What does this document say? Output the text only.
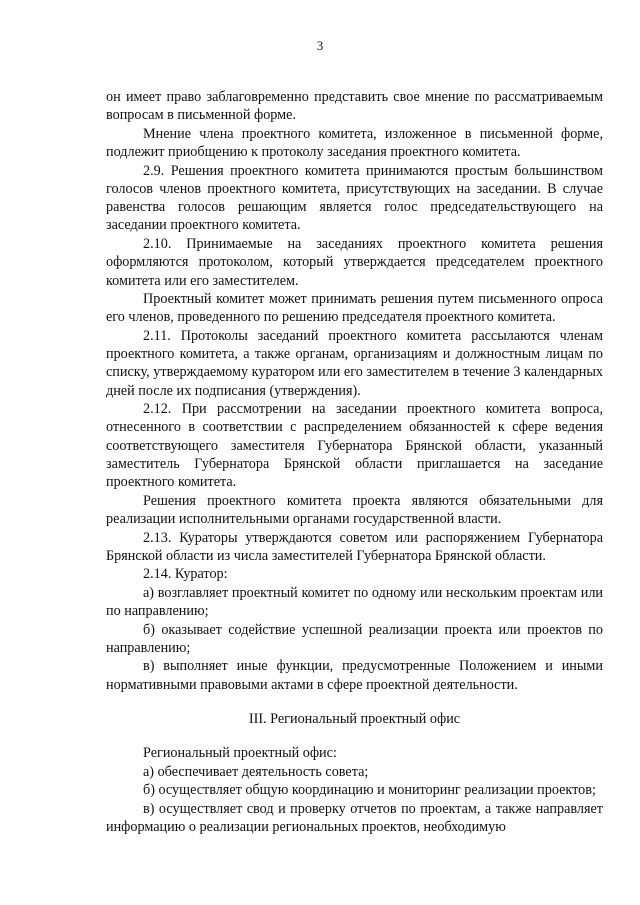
3

он имеет право заблаговременно представить свое мнение по рассматриваемым вопросам в письменной форме.

Мнение члена проектного комитета, изложенное в письменной форме, подлежит приобщению к протоколу заседания проектного комитета.

2.9. Решения проектного комитета принимаются простым большинством голосов членов проектного комитета, присутствующих на заседании. В случае равенства голосов решающим является голос председательствующего на заседании проектного комитета.

2.10. Принимаемые на заседаниях проектного комитета решения оформляются протоколом, который утверждается председателем проектного комитета или его заместителем.

Проектный комитет может принимать решения путем письменного опроса его членов, проведенного по решению председателя проектного комитета.

2.11. Протоколы заседаний проектного комитета рассылаются членам проектного комитета, а также органам, организациям и должностным лицам по списку, утверждаемому куратором или его заместителем в течение 3 календарных дней после их подписания (утверждения).

2.12. При рассмотрении на заседании проектного комитета вопроса, отнесенного в соответствии с распределением обязанностей к сфере ведения соответствующего заместителя Губернатора Брянской области, указанный заместитель Губернатора Брянской области приглашается на заседание проектного комитета.

Решения проектного комитета проекта являются обязательными для реализации исполнительными органами государственной власти.

2.13. Кураторы утверждаются советом или распоряжением Губернатора Брянской области из числа заместителей Губернатора Брянской области.

2.14. Куратор:

а) возглавляет проектный комитет по одному или нескольким проектам или по направлению;

б) оказывает содействие успешной реализации проекта или проектов по направлению;

в) выполняет иные функции, предусмотренные Положением и иными нормативными правовыми актами в сфере проектной деятельности.

III. Региональный проектный офис

Региональный проектный офис:

а) обеспечивает деятельность совета;

б) осуществляет общую координацию и мониторинг реализации проектов;

в) осуществляет свод и проверку отчетов по проектам, а также направляет информацию о реализации региональных проектов, необходимую
